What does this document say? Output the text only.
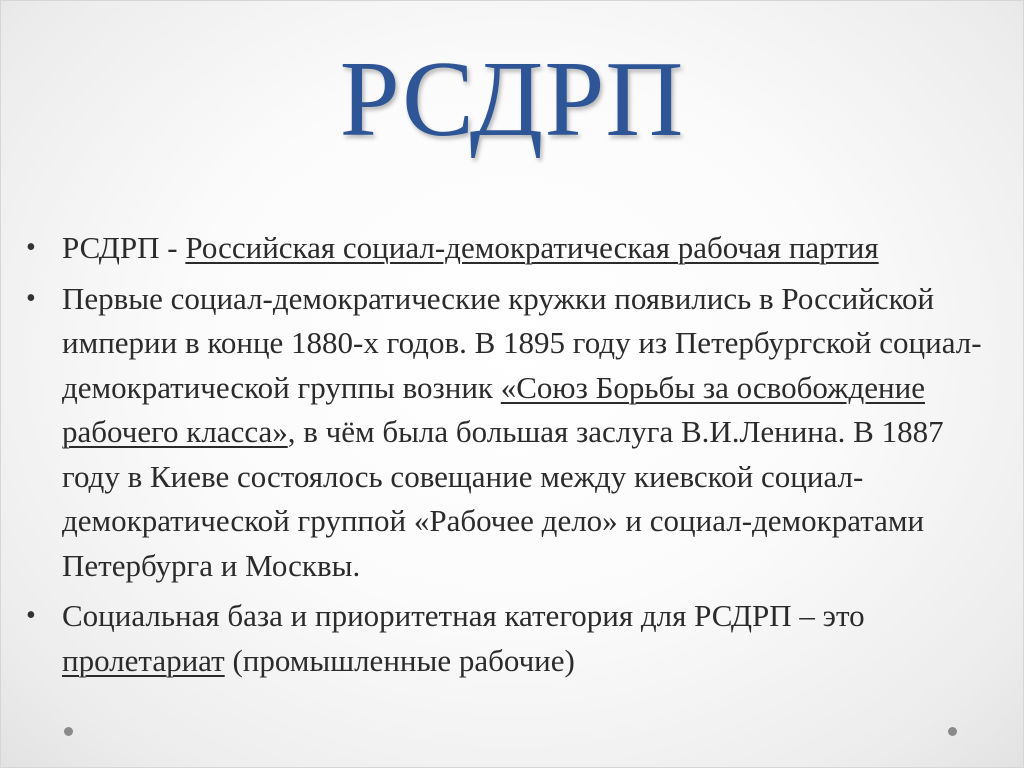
РСДРП
• РСДРП - Российская социал-демократическая рабочая партия
• Первые социал-демократические кружки появились в Российской империи в конце 1880-х годов. В 1895 году из Петербургской социал-демократической группы возник «Союз Борьбы за освобождение рабочего класса», в чём была большая заслуга В.И.Ленина. В 1887 году в Киеве состоялось совещание между киевской социал-демократической группой «Рабочее дело» и социал-демократами Петербурга и Москвы.
• Социальная база и приоритетная категория для РСДРП – это пролетариат (промышленные рабочие)
